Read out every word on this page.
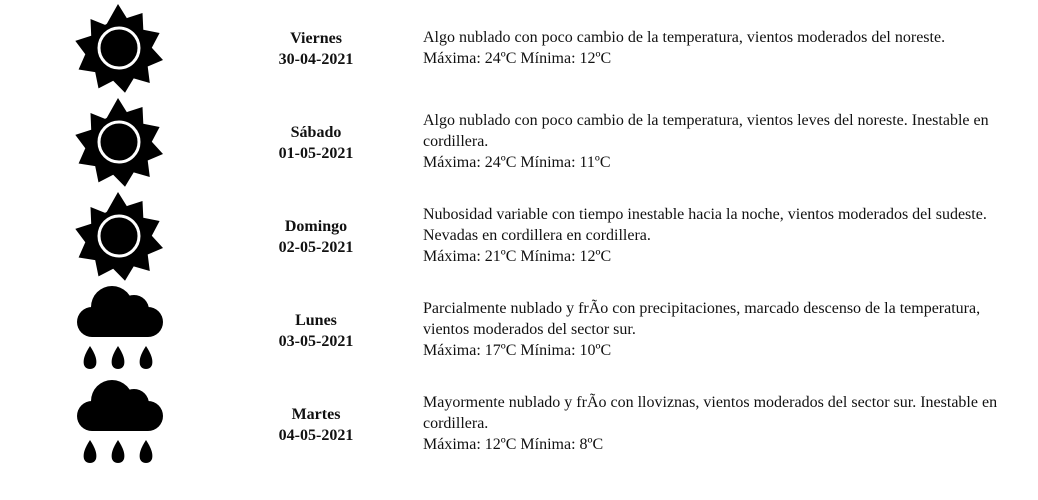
Viernes
30-04-2021
Algo nublado con poco cambio de la temperatura, vientos moderados del noreste.
Máxima: 24ºC Mínima: 12ºC
Sábado
01-05-2021
Algo nublado con poco cambio de la temperatura, vientos leves del noreste. Inestable en cordillera.
Máxima: 24ºC Mínima: 11ºC
Domingo
02-05-2021
Nubosidad variable con tiempo inestable hacia la noche, vientos moderados del sudeste. Nevadas en cordillera en cordillera.
Máxima: 21ºC Mínima: 12ºC
Lunes
03-05-2021
Parcialmente nublado y frÃo con precipitaciones, marcado descenso de la temperatura, vientos moderados del sector sur.
Máxima: 17ºC Mínima: 10ºC
Martes
04-05-2021
Mayormente nublado y frÃo con lloviznas, vientos moderados del sector sur. Inestable en cordillera.
Máxima: 12ºC Mínima: 8ºC
